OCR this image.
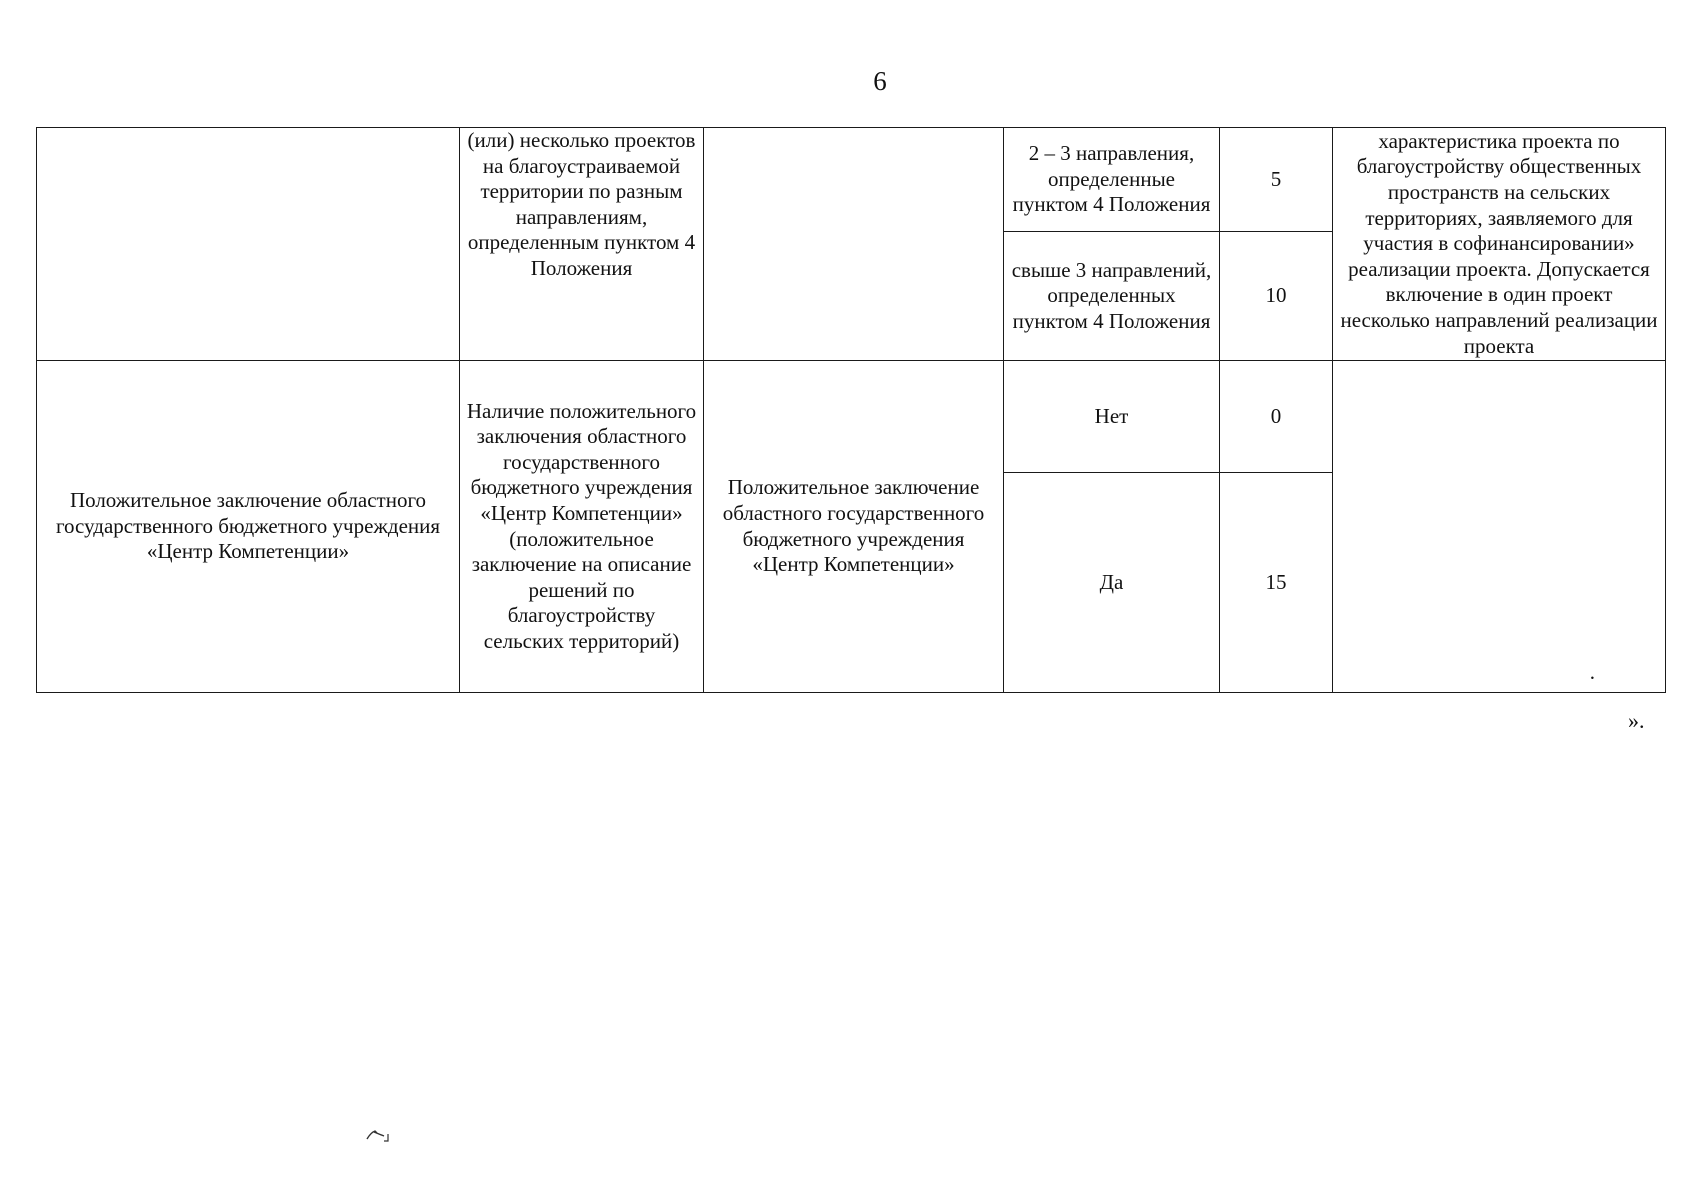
6
	(или) несколько проектов на благоустраиваемой территории по разным направлениям, определенным пунктом 4 Положения		2 – 3 направления, определенные пунктом 4 Положения	5	характеристика проекта по благоустройству общественных пространств на сельских территориях, заявляемого для участия в софинансировании» реализации проекта. Допускается включение в один проект несколько направлений реализации проекта
			свыше 3 направлений, определенных пунктом 4 Положения	10	
Положительное заключение областного государственного бюджетного учреждения «Центр Компетенции»	Наличие положительного заключения областного государственного бюджетного учреждения «Центр Компетенции» (положительное заключение на описание решений по благоустройству сельских территорий)	Положительное заключение областного государственного бюджетного учреждения «Центр Компетенции»	Нет	0	.
			Да	15	
».
